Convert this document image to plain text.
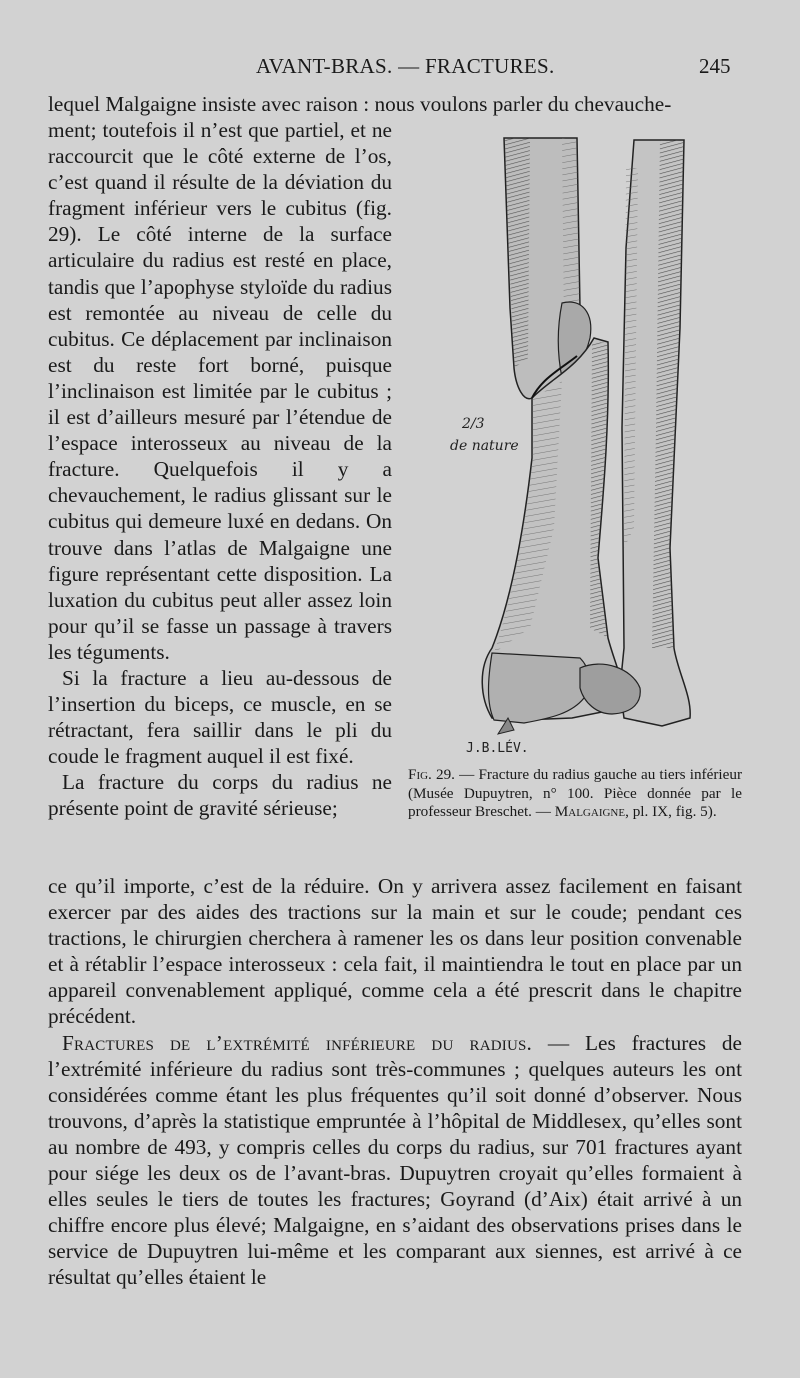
AVANT-BRAS. — FRACTURES.	245
lequel Malgaigne insiste avec raison : nous voulons parler du chevauche-

ment; toutefois il n’est que partiel, et ne raccourcit que le côté externe de l’os, c’est quand il résulte de la déviation du fragment inférieur vers le cubitus (fig. 29). Le côté interne de la surface articulaire du radius est resté en place, tandis que l’apophyse styloïde du radius est remontée au niveau de celle du cubitus. Ce déplacement par inclinaison est du reste fort borné, puisque l’inclinaison est limitée par le cubitus ; il est d’ailleurs mesuré par l’étendue de l’espace interosseux au niveau de la fracture. Quelquefois il y a chevauchement, le radius glissant sur le cubitus qui demeure luxé en dedans. On trouve dans l’atlas de Malgaigne une figure représentant cette disposition. La luxation du cubitus peut aller assez loin pour qu’il se fasse un passage à travers les téguments.

Si la fracture a lieu au-dessous de l’insertion du biceps, ce muscle, en se rétractant, fera saillir dans le pli du coude le fragment auquel il est fixé.

La fracture du corps du radius ne présente point de gravité sérieuse;

2/3
de nature
J.B.LÉV.
Fig. 29. — Fracture du radius gauche au tiers inférieur (Musée Dupuytren, n° 100. Pièce donnée par le professeur Breschet. — Malgaigne, pl. IX, fig. 5).

ce qu’il importe, c’est de la réduire. On y arrivera assez facilement en faisant exercer par des aides des tractions sur la main et sur le coude; pendant ces tractions, le chirurgien cherchera à ramener les os dans leur position convenable et à rétablir l’espace interosseux : cela fait, il maintiendra le tout en place par un appareil convenablement appliqué, comme cela a été prescrit dans le chapitre précédent.

Fractures de l’extrémité inférieure du radius. — Les fractures de l’extrémité inférieure du radius sont très-communes ; quelques auteurs les ont considérées comme étant les plus fréquentes qu’il soit donné d’observer. Nous trouvons, d’après la statistique empruntée à l’hôpital de Middlesex, qu’elles sont au nombre de 493, y compris celles du corps du radius, sur 701 fractures ayant pour siége les deux os de l’avant-bras. Dupuytren croyait qu’elles formaient à elles seules le tiers de toutes les fractures; Goyrand (d’Aix) était arrivé à un chiffre encore plus élevé; Malgaigne, en s’aidant des observations prises dans le service de Dupuytren lui-même et les comparant aux siennes, est arrivé à ce résultat qu’elles étaient le
